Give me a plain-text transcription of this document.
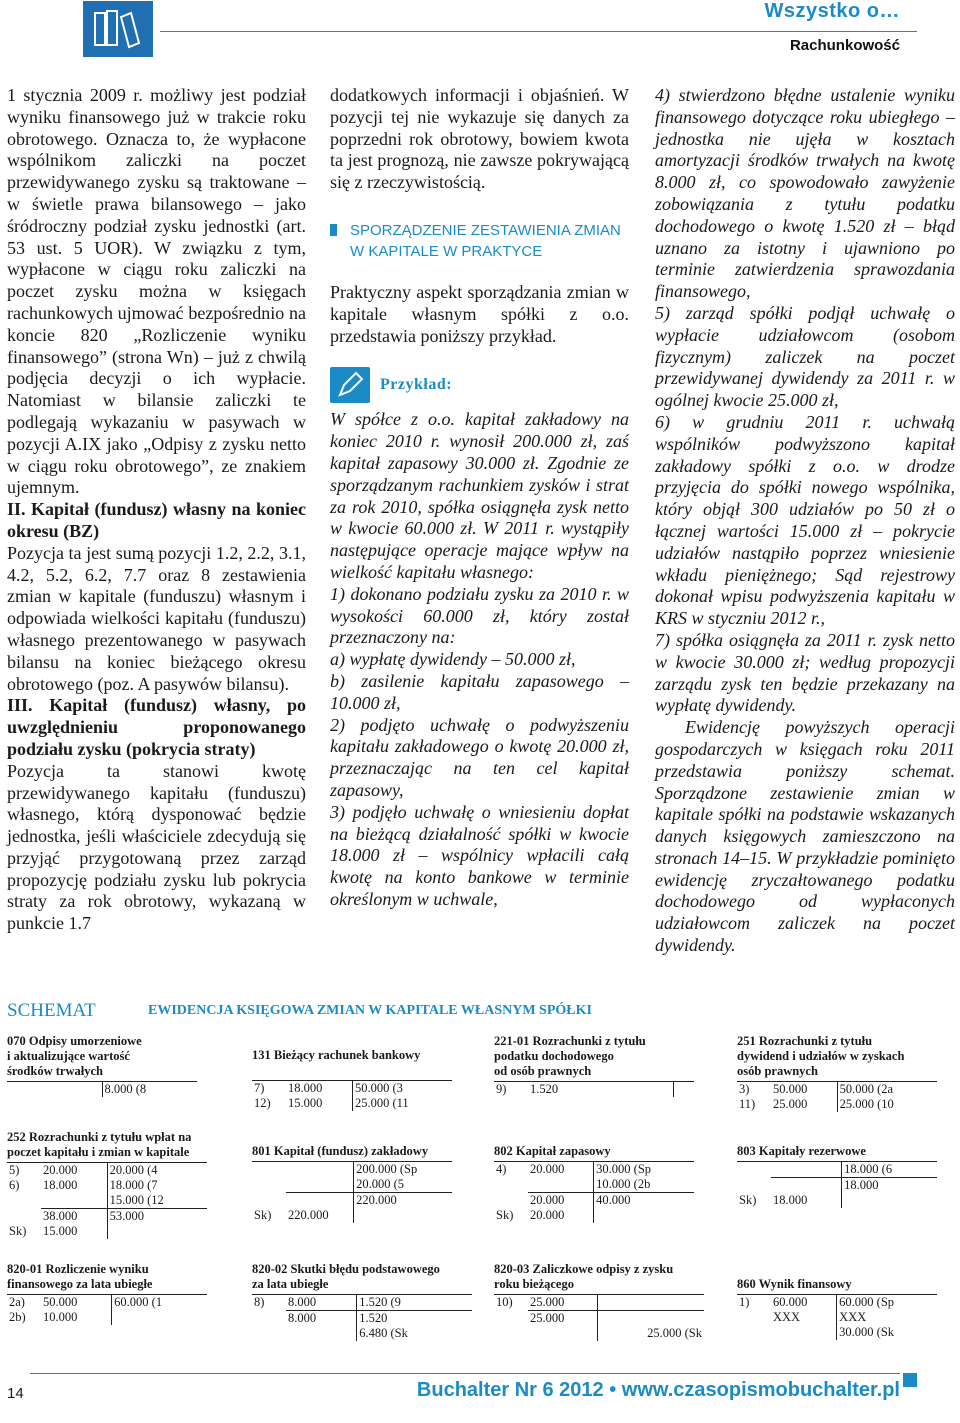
Wszystko o…
Rachunkowość

1 stycznia 2009 r. możliwy jest podział wyniku finansowego już w trakcie roku obrotowego. Oznacza to, że wypłacone wspólnikom zaliczki na poczet przewidywanego zysku są traktowane – w świetle prawa bilansowego – jako śródroczny podział zysku jednostki (art. 53 ust. 5 UOR). W związku z tym, wypłacone w ciągu roku zaliczki na poczet zysku można w księgach rachunkowych ujmować bezpośrednio na koncie 820 „Rozliczenie wyniku finansowego” (strona Wn) – już z chwilą podjęcia decyzji o ich wypłacie. Natomiast w bilansie zaliczki te podlegają wykazaniu w pasywach w pozycji A.IX jako „Odpisy z zysku netto w ciągu roku obrotowego”, ze znakiem ujemnym.

II. Kapitał (fundusz) własny na koniec okresu (BZ)

Pozycja ta jest sumą pozycji 1.2, 2.2, 3.1, 4.2, 5.2, 6.2, 7.7 oraz 8 zestawienia zmian w kapitale (funduszu) własnym i odpowiada wielkości kapitału (funduszu) własnego prezentowanego w pasywach bilansu na koniec bieżącego okresu obrotowego (poz. A pasywów bilansu).

III. Kapitał (fundusz) własny, po uwzględnieniu proponowanego podziału zysku (pokrycia straty)

Pozycja ta stanowi kwotę przewidywanego kapitału (funduszu) własnego, którą dysponować będzie jednostka, jeśli właściciele zdecydują się przyjąć przygotowaną przez zarząd propozycję podziału zysku lub pokrycia straty za rok obrotowy, wykazaną w punkcie 1.7

dodatkowych informacji i objaśnień. W pozycji tej nie wykazuje się danych za poprzedni rok obrotowy, bowiem kwota ta jest prognozą, nie zawsze pokrywającą się z rzeczywistością.

SPORZĄDZENIE ZESTAWIENIA ZMIAN W KAPITALE W PRAKTYCE

Praktyczny aspekt sporządzania zmian w kapitale własnym spółki z o.o. przedstawia poniższy przykład.

Przykład:

W spółce z o.o. kapitał zakładowy na koniec 2010 r. wynosił 200.000 zł, zaś kapitał zapasowy 30.000 zł. Zgodnie ze sporządzanym rachunkiem zysków i strat za rok 2010, spółka osiągnęła zysk netto w kwocie 60.000 zł. W 2011 r. wystąpiły następujące operacje mające wpływ na wielkość kapitału własnego:

1) dokonano podziału zysku za 2010 r. w wysokości 60.000 zł, który został przeznaczony na:

a) wypłatę dywidendy – 50.000 zł,

b) zasilenie kapitału zapasowego – 10.000 zł,

2) podjęto uchwałę o podwyższeniu kapitału zakładowego o kwotę 20.000 zł, przeznaczając na ten cel kapitał zapasowy,

3) podjęło uchwałę o wniesieniu dopłat na bieżącą działalność spółki w kwocie 18.000 zł – wspólnicy wpłacili całą kwotę na konto bankowe w terminie określonym w uchwale,

4) stwierdzono błędne ustalenie wyniku finansowego dotyczące roku ubiegłego – jednostka nie ujęła w kosztach amortyzacji środków trwałych na kwotę 8.000 zł, co spowodowało zawyżenie zobowiązania z tytułu podatku dochodowego o kwotę 1.520 zł – błąd uznano za istotny i ujawniono po terminie zatwierdzenia sprawozdania finansowego,

5) zarząd spółki podjął uchwałę o wypłacie udziałowcom (osobom fizycznym) zaliczek na poczet przewidywanej dywidendy za 2011 r. w ogólnej kwocie 25.000 zł,

6) w grudniu 2011 r. uchwałą wspólników podwyższono kapitał zakładowy spółki z o.o. w drodze przyjęcia do spółki nowego wspólnika, który objął 300 udziałów po 50 zł o łącznej wartości 15.000 zł – pokrycie udziałów nastąpiło poprzez wniesienie wkładu pieniężnego; Sąd rejestrowy dokonał wpisu podwyższenia kapitału w KRS w styczniu 2012 r.,

7) spółka osiągnęła za 2011 r. zysk netto w kwocie 30.000 zł; według propozycji zarządu zysk ten będzie przekazany na wypłatę dywidendy.

Ewidencję powyższych operacji gospodarczych w księgach roku 2011 przedstawia poniższy schemat. Sporządzone zestawienie zmian w kapitale spółki na podstawie wskazanych danych księgowych zamieszczono na stronach 14–15. W przykładzie pominięto ewidencję zryczałtowanego podatku dochodowego od wypłaconych udziałowcom zaliczek na poczet dywidendy.

SCHEMAT	EWIDENCJA KSIĘGOWA ZMIAN W KAPITALE WŁASNYM SPÓŁKI
070 Odpisy umorzeniowe
i aktualizujące wartość
środków trwałych
	8.000 (8
131 Bieżący rachunek bankowy
7)	18.000	50.000 (3
12)	15.000	25.000 (11
221-01 Rozrachunki z tytułu
podatku dochodowego
od osób prawnych
9)	1.520	
251 Rozrachunki z tytułu
dywidend i udziałów w zyskach
osób prawnych
3)	50.000	50.000 (2a
11)	25.000	25.000 (10
252 Rozrachunki z tytułu wpłat na
poczet kapitału i zmian w kapitale
5)	20.000	20.000 (4
6)	18.000	18.000 (7
		15.000 (12
	38.000	53.000
Sk)	15.000	
801 Kapitał (fundusz) zakładowy
		200.000 (Sp
		20.000 (5
		220.000
Sk)	220.000	
802 Kapitał zapasowy
4)	20.000	30.000 (Sp
		10.000 (2b
	20.000	40.000
Sk)	20.000	
803 Kapitały rezerwowe
		18.000 (6
		18.000
Sk)	18.000	
820-01 Rozliczenie wyniku
finansowego za lata ubiegłe
2a)	50.000	60.000 (1
2b)	10.000	
820-02 Skutki błędu podstawowego
za lata ubiegłe
8)	8.000	1.520 (9
	8.000	1.520
		6.480 (Sk
820-03 Zaliczkowe odpisy z zysku
roku bieżącego
10)	25.000	
	25.000	
		25.000 (Sk
860 Wynik finansowy
1)	60.000	60.000 (Sp
	XXX	XXX
		30.000 (Sk
14	Buchalter Nr 6 2012 • www.czasopismobuchalter.pl
